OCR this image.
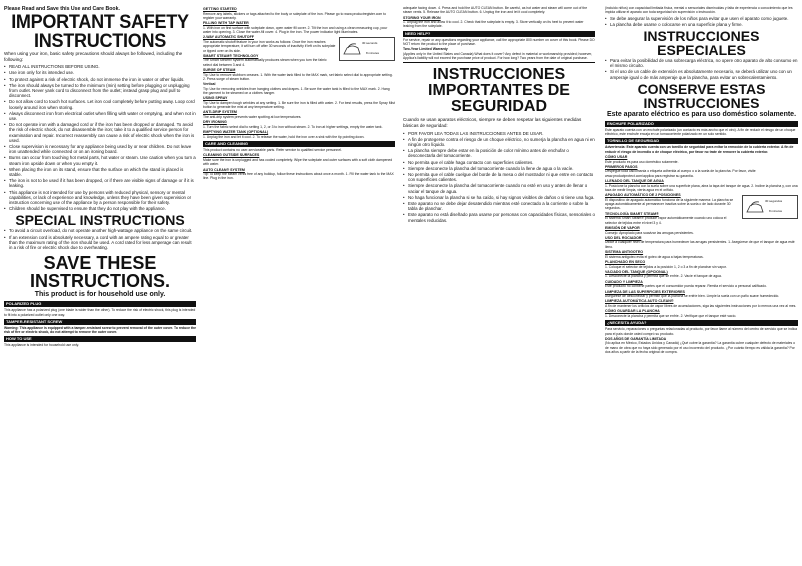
Please Read and Save this Use and Care Book.

IMPORTANT SAFETY INSTRUCTIONS

When using your iron, basic safety precautions should always be followed, including the following:

• READ ALL INSTRUCTIONS BEFORE USING.
• Use iron only for its intended use.
• To protect against a risk of electric shock, do not immerse the iron in water or other liquids.
• The iron should always be turned to the minimum (min) setting before plugging or unplugging from outlet. Never yank cord to disconnect from the outlet; instead grasp plug and pull to disconnect.
• Do not allow cord to touch hot surfaces. Let iron cool completely before putting away. Loop cord loosely around iron when storing.
• Always disconnect iron from electrical outlet when filling with water or emptying, and when not in use.
• Do not operate iron with a damaged cord or if the iron has been dropped or damaged. To avoid the risk of electric shock, do not disassemble the iron; take it to a qualified service person for examination and repair. Incorrect reassembly can cause a risk of electric shock when the iron is used.
• Close supervision is necessary for any appliance being used by or near children. Do not leave iron unattended while connected or on an ironing board.
• Burns can occur from touching hot metal parts, hot water or steam. Use caution when you turn a steam iron upside down or when you empty it.
• When placing the iron on its stand, ensure that the surface on which the stand is placed is stable.
• The iron is not to be used if it has been dropped, or if there are visible signs of damage or if it is leaking.
• This appliance is not intended for use by persons with reduced physical, sensory or mental capabilities, or lack of experience and knowledge, unless they have been given supervision or instruction concerning use of the appliance by a person responsible for their safety.
• Children should be supervised to ensure that they do not play with the appliance.

SPECIAL INSTRUCTIONS

• To avoid a circuit overload, do not operate another high-wattage appliance on the same circuit.
• If an extension cord is absolutely necessary, a cord with an ampere rating equal to or greater than the maximum rating of the iron should be used. A cord rated for less amperage can result in a risk of fire or electric shock due to overheating.

SAVE THESE INSTRUCTIONS.

This product is for household use only.

POLARIZED PLUG

This appliance has a polarized plug (one blade is wider than the other). To reduce the risk of electric shock, this plug is intended to fit into a polarized outlet only one way.

TAMPER-RESISTANT SCREW

Warning: This appliance is equipped with a tamper-resistant screw to prevent removal of the outer cover. To reduce the risk of fire or electric shock, do not attempt to remove the outer cover.

HOW TO USE

This appliance is intended for household use only.

GETTING STARTED

Remove any labels, stickers or tags attached to the body or soleplate of the iron. Please go to www.productregister.com to register your warranty.

FILLING WITH TAP WATER

1. With iron on first surface with soleplate down, open water fill cover. 2. Tilt the iron and using a clean measuring cup, pour water into opening. 3. Close the water-fill cover. 4. Plug in the iron. The power indicator light illuminates.

30 seconds
8 minutes

2-WAY AUTOMATIC SHUTOFF

The automatic shutoff feature in your iron works as follows: Once the iron reaches appropriate temperature, it will turn off after 30 seconds of inactivity if left on its soleplate or tipped over on its side.

SMART STEAM® TECHNOLOGY

The Smart Steam® system automatically produces steam when you turn the fabric select dial between 3 and 4.

SURGE OF STEAM

Tip: Use to remove stubborn creases. 1. With the water tank filled to the MAX mark, set fabric select dial to appropriate setting. 2. Press surge of steam button.

Vertical

Tip: Use for removing wrinkles from hanging clothes and drapes. 1. Be sure the water tank is filled to the MAX mark. 2. Hang the garment to be steamed on a clothes hanger.

USING SPRAY

Tip: Use to dampen tough wrinkles at any setting. 1. Be sure the iron is filled with water. 2. For best results, press the Spray Mist button to generate the mist at any temperature setting.

ANTI-DRIP SYSTEM

The anti-drip system prevents water spotting at low temperatures.

DRY IRONING

1. Turn the fabric select dial to setting 1, 2, or 3 to iron without steam. 2. To iron at higher settings, empty the water tank.

EMPTYING WATER TANK (OPTIONAL)

1. Unplug the iron and let it cool. 2. To release the water, hold the iron over a sink with the tip pointing down.

CARE AND CLEANING

This product contains no user-serviceable parts. Refer service to qualified service personnel.

CLEANING OUTSIDE SURFACES

Make sure the iron is unplugged and has cooled completely. Wipe the soleplate and outer surfaces with a soft cloth dampened with water.

AUTO CLEAN® SYSTEM

Tip: To keep the steam vents free of any buildup, follow these instructions about once a month. 1. Fill the water tank to the MAX line. Plug in the iron.

adequate facing down. 4. Press and hold the AUTO CLEAN button. Be careful, as hot water and steam will come out of the steam vents. 5. Release the AUTO CLEAN button. 6. Unplug the iron and let it cool completely.

STORING YOUR IRON

1. Unplug the iron and allow it to cool. 2. Check that the soleplate is empty. 3. Store vertically on its heel to prevent water leaking from the soleplate.

NEED HELP?

For service, repair or any questions regarding your appliance, call the appropriate 800 number on cover of this book. Please DO NOT return the product to the place of purchase.

Two-Year Limited Warranty

(Applies only in the United States and Canada) What does it cover? Any defect in material or workmanship provided; however, Applica's liability will not exceed the purchase price of product. For how long? Two years from the date of original purchase.

INSTRUCCIONES IMPORTANTES DE SEGURIDAD

Cuando se usan aparatos eléctricos, siempre se deben respetar las siguientes medidas básicas de seguridad:

• POR FAVOR LEA TODAS LAS INSTRUCCIONES ANTES DE USAR.
• A fin de protegerse contra el riesgo de un choque eléctrico, no sumerja la plancha en agua ni en ningún otro líquido.
• La plancha siempre debe estar en la posición de color mínimo antes de enchufar o desconectarla del tomacorriente.
• No permita que el cable haga contacto con superficies calientes.
• Siempre desconecte la plancha del tomacorriente cuando la llene de agua o la vacíe.
• No permita que el cable cuelgue del borde de la mesa o del mostrador ni que entre en contacto con superficies calientes.
• Siempre desconecte la plancha del tomacorriente cuando no esté en uso y antes de llenar o vaciar el tanque de agua.
• No haga funcionar la plancha si se ha caído, si hay signos visibles de daños o si tiene una fuga.
• Este aparato no se debe dejar desatendido mientras esté conectado a la corriente o sobre la tabla de planchar.
• Este aparato no está diseñado para usarse por personas con capacidades físicas, sensoriales o mentales reducidas.

(incluido niños) con capacidad limitada física, mental o sensoriales disminuidas y falta de experiencia o conocimiento que les impida utilizar el aparato con toda seguridad sin supervisión o instrucción.

• Se debe asegurar la supervisión de los niños para evitar que usen el aparato como juguete.
• La plancha debe usarse o colocarse en una superficie plana y firme.

INSTRUCCIONES ESPECIALES

• Para evitar la posibilidad de una sobrecarga eléctrica, no opere otro aparato de alto consumo en el mismo circuito.
• Si el uso de un cable de extensión es absolutamente necesario, se deberá utilizar uno con un amperaje igual o de más amperaje que la plancha, para evitar un sobrecalentamiento.

CONSERVE ESTAS INSTRUCCIONES

Este aparato eléctrico es para uso doméstico solamente.

ENCHUFE POLARIZADO

Este aparato cuenta con un enchufe polarizado (un contacto es más ancho que el otro). A fin de reducir el riesgo de un choque eléctrico, este enchufe encaja en un tomacorriente polarizado en un solo sentido.

TORNILLO DE SEGURIDAD

Advertencia: Este aparato cuenta con un tornillo de seguridad para evitar la remoción de la cubierta exterior. A fin de reducir el riesgo de incendio o de choque eléctrico, por favor no trate de remover la cubierta exterior.

CÓMO USAR

Este producto es para uso doméstico solamente.

PRIMEROS PASOS

Despegue toda calcomanía o etiqueta adherida al cuerpo o a la suela de la plancha. Por favor, visite www.productprotect.com/applica para registrar su garantía.

LLENADO DEL TANQUE DE AGUA

1. Posicione la plancha con la suela sobre una superficie plana, abra la tapa del tanque de agua. 2. Incline la plancha y, con una taza de medir limpia, vierta agua en el orificio.

30 segundos
8 minutos

APAGADO AUTOMÁTICO DE 2 POSICIONES

El dispositivo de apagado automático funciona de la siguiente manera: La plancha se apaga automáticamente al permanecer inactiva sobre la suela o de lado durante 30 segundos.

TECNOLOGÍA SMART STEAM®

El sistema Smart Steam® produce vapor automáticamente cuando uno coloca el selector de tejidos entre el nivel 3 y 4.

EMISIÓN DE VAPOR

Consejo: Apropiado para suavizar las arrugas persistentes.

USO DEL ROCIADOR

Utilice a cualquier nivel de temperatura para humedecer las arrugas persistentes. 1. Asegúrese de que el tanque de agua esté lleno.

SISTEMA ANTIGOTEO

El sistema antigoteo evita el goteo de agua a bajas temperaturas.

PLANCHADO EN SECO

1. Coloque el selector de tejidos a la posición 1, 2 o 3 a fin de planchar sin vapor.

VACIADO DEL TANQUE (OPCIONAL)

1. Desconecte la plancha y permita que se enfríe. 2. Vacíe el tanque de agua.

CUIDADO Y LIMPIEZA

Este producto no contiene partes que el consumidor pueda reparar. Remita el servicio a personal calificado.

LIMPIEZA DE LAS SUPERFICIES EXTERIORES

Asegúrese de desconectar y permitir que la plancha se enfríe bien. Limpie la suela con un paño suave humedecido.

LIMPIEZA AUTOMÁTICA AUTO CLEAN®

A fin de mantener los orificios de vapor libres de acumulaciones, siga las siguientes instrucciones por lo menos una vez al mes.

CÓMO GUARDAR LA PLANCHA

1. Desconecte la plancha y permita que se enfríe. 2. Verifique que el tanque esté vacío.

¿NECESITA AYUDA?

Para servicio, reparaciones o preguntas relacionadas al producto, por favor llame al número del centro de servicio que se indica para el país donde usted compró su producto.

DOS AÑOS DE GARANTÍA LIMITADA

(No aplica en México, Estados Unidos y Canadá) ¿Qué cubre la garantía? La garantía cubre cualquier defecto de materiales o de mano de obra que no haya sido generado por el uso incorrecto del producto. ¿Por cuánto tiempo es válida la garantía? Por dos años a partir de la fecha original de compra.
